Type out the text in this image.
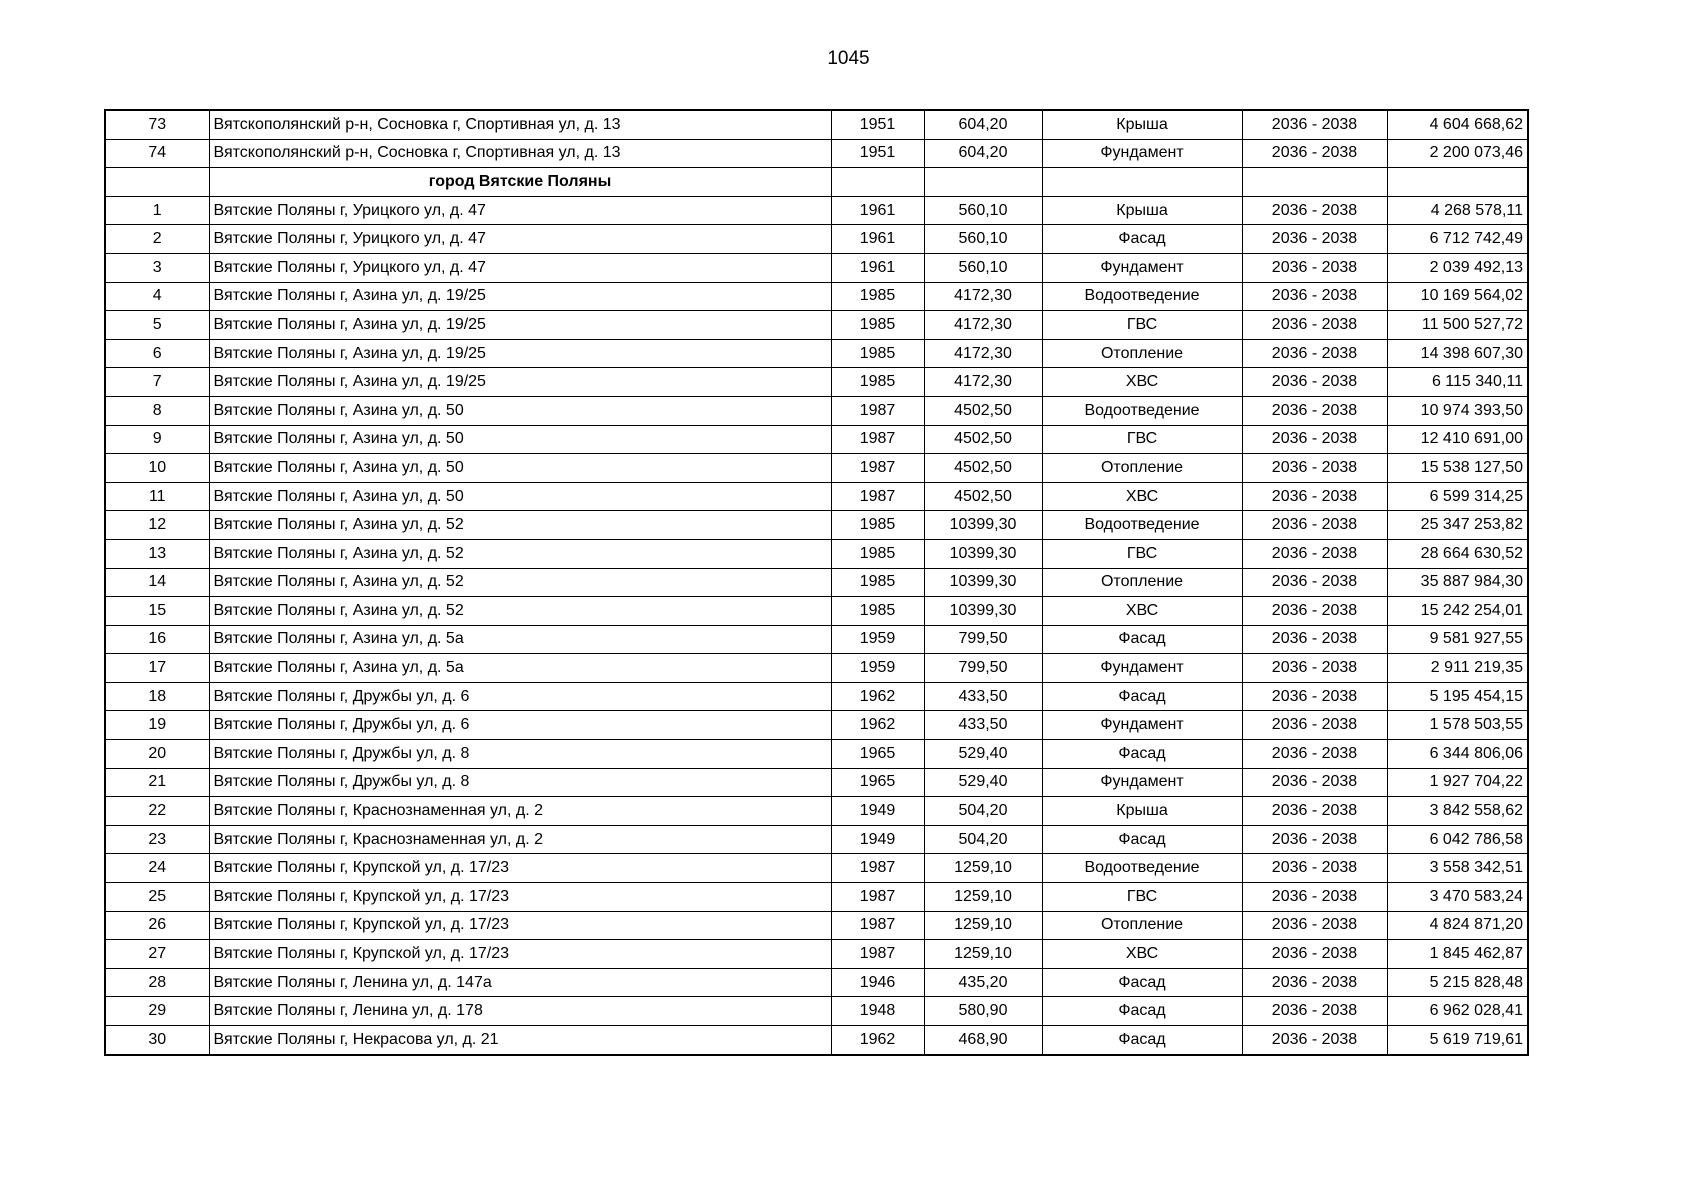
1045
73	Вятскополянский р-н, Сосновка г, Спортивная ул, д. 13	1951	604,20	Крыша	2036 - 2038	4 604 668,62
74	Вятскополянский р-н, Сосновка г, Спортивная ул, д. 13	1951	604,20	Фундамент	2036 - 2038	2 200 073,46
	город Вятские Поляны					
1	Вятские Поляны г, Урицкого ул, д. 47	1961	560,10	Крыша	2036 - 2038	4 268 578,11
2	Вятские Поляны г, Урицкого ул, д. 47	1961	560,10	Фасад	2036 - 2038	6 712 742,49
3	Вятские Поляны г, Урицкого ул, д. 47	1961	560,10	Фундамент	2036 - 2038	2 039 492,13
4	Вятские Поляны г, Азина ул, д. 19/25	1985	4172,30	Водоотведение	2036 - 2038	10 169 564,02
5	Вятские Поляны г, Азина ул, д. 19/25	1985	4172,30	ГВС	2036 - 2038	11 500 527,72
6	Вятские Поляны г, Азина ул, д. 19/25	1985	4172,30	Отопление	2036 - 2038	14 398 607,30
7	Вятские Поляны г, Азина ул, д. 19/25	1985	4172,30	ХВС	2036 - 2038	6 115 340,11
8	Вятские Поляны г, Азина ул, д. 50	1987	4502,50	Водоотведение	2036 - 2038	10 974 393,50
9	Вятские Поляны г, Азина ул, д. 50	1987	4502,50	ГВС	2036 - 2038	12 410 691,00
10	Вятские Поляны г, Азина ул, д. 50	1987	4502,50	Отопление	2036 - 2038	15 538 127,50
11	Вятские Поляны г, Азина ул, д. 50	1987	4502,50	ХВС	2036 - 2038	6 599 314,25
12	Вятские Поляны г, Азина ул, д. 52	1985	10399,30	Водоотведение	2036 - 2038	25 347 253,82
13	Вятские Поляны г, Азина ул, д. 52	1985	10399,30	ГВС	2036 - 2038	28 664 630,52
14	Вятские Поляны г, Азина ул, д. 52	1985	10399,30	Отопление	2036 - 2038	35 887 984,30
15	Вятские Поляны г, Азина ул, д. 52	1985	10399,30	ХВС	2036 - 2038	15 242 254,01
16	Вятские Поляны г, Азина ул, д. 5а	1959	799,50	Фасад	2036 - 2038	9 581 927,55
17	Вятские Поляны г, Азина ул, д. 5а	1959	799,50	Фундамент	2036 - 2038	2 911 219,35
18	Вятские Поляны г, Дружбы ул, д. 6	1962	433,50	Фасад	2036 - 2038	5 195 454,15
19	Вятские Поляны г, Дружбы ул, д. 6	1962	433,50	Фундамент	2036 - 2038	1 578 503,55
20	Вятские Поляны г, Дружбы ул, д. 8	1965	529,40	Фасад	2036 - 2038	6 344 806,06
21	Вятские Поляны г, Дружбы ул, д. 8	1965	529,40	Фундамент	2036 - 2038	1 927 704,22
22	Вятские Поляны г, Краснознаменная ул, д. 2	1949	504,20	Крыша	2036 - 2038	3 842 558,62
23	Вятские Поляны г, Краснознаменная ул, д. 2	1949	504,20	Фасад	2036 - 2038	6 042 786,58
24	Вятские Поляны г, Крупской ул, д. 17/23	1987	1259,10	Водоотведение	2036 - 2038	3 558 342,51
25	Вятские Поляны г, Крупской ул, д. 17/23	1987	1259,10	ГВС	2036 - 2038	3 470 583,24
26	Вятские Поляны г, Крупской ул, д. 17/23	1987	1259,10	Отопление	2036 - 2038	4 824 871,20
27	Вятские Поляны г, Крупской ул, д. 17/23	1987	1259,10	ХВС	2036 - 2038	1 845 462,87
28	Вятские Поляны г, Ленина ул, д. 147а	1946	435,20	Фасад	2036 - 2038	5 215 828,48
29	Вятские Поляны г, Ленина ул, д. 178	1948	580,90	Фасад	2036 - 2038	6 962 028,41
30	Вятские Поляны г, Некрасова ул, д. 21	1962	468,90	Фасад	2036 - 2038	5 619 719,61
